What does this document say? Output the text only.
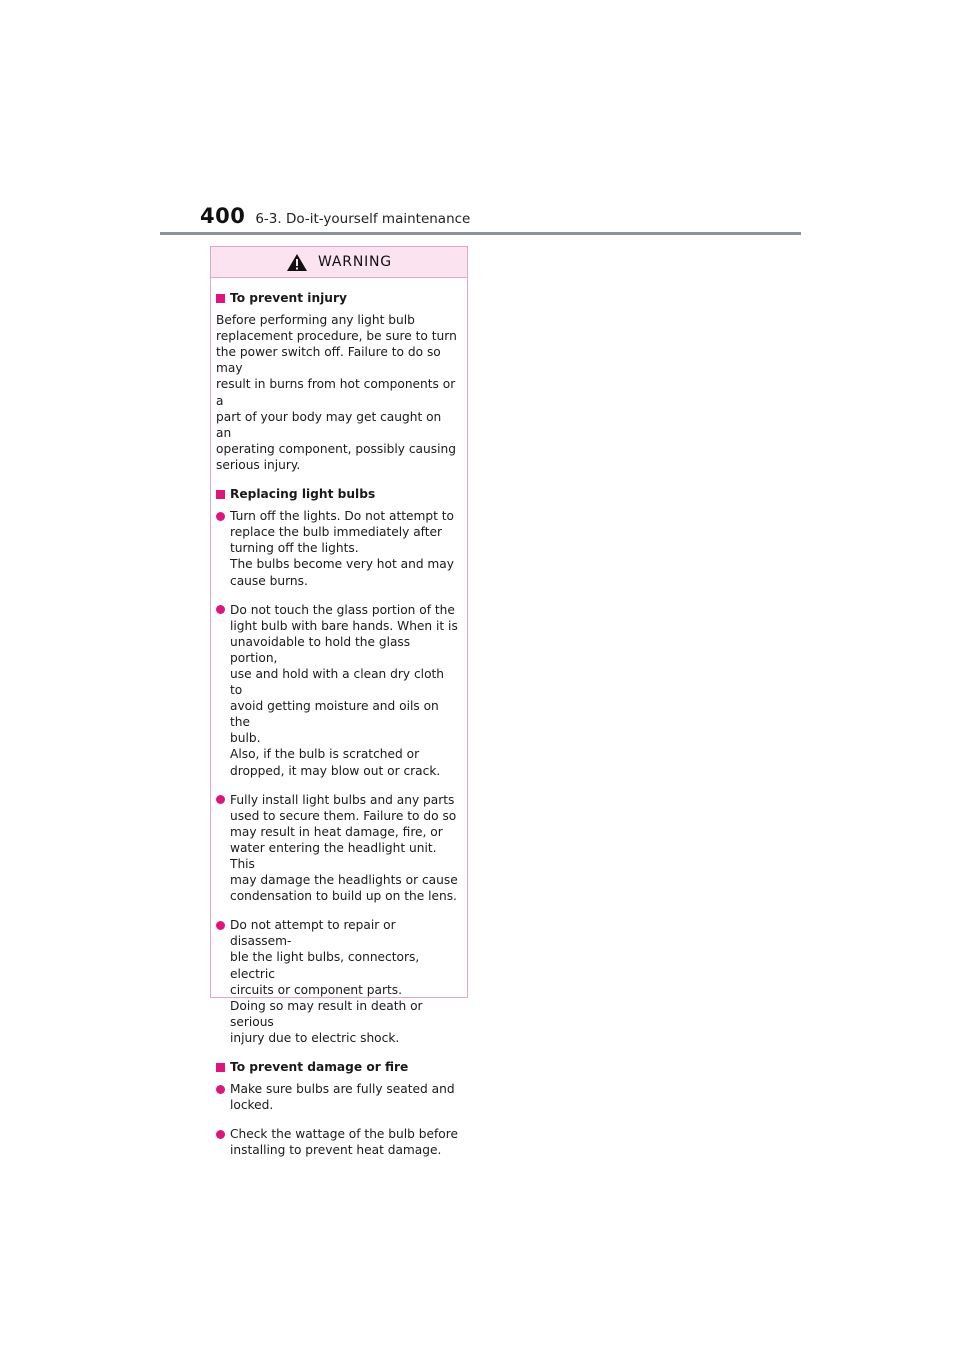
400 6-3. Do-it-yourself maintenance
WARNING
To prevent injury
Before performing any light bulb
replacement procedure, be sure to turn
the power switch off. Failure to do so may
result in burns from hot components or a
part of your body may get caught on an
operating component, possibly causing
serious injury.
Replacing light bulbs
Turn off the lights. Do not attempt to
replace the bulb immediately after
turning off the lights.
The bulbs become very hot and may
cause burns.
Do not touch the glass portion of the
light bulb with bare hands. When it is
unavoidable to hold the glass portion,
use and hold with a clean dry cloth to
avoid getting moisture and oils on the
bulb.
Also, if the bulb is scratched or
dropped, it may blow out or crack.
Fully install light bulbs and any parts
used to secure them. Failure to do so
may result in heat damage, fire, or
water entering the headlight unit. This
may damage the headlights or cause
condensation to build up on the lens.
Do not attempt to repair or disassem-
ble the light bulbs, connectors, electric
circuits or component parts.
Doing so may result in death or serious
injury due to electric shock.
To prevent damage or fire
Make sure bulbs are fully seated and
locked.
Check the wattage of the bulb before
installing to prevent heat damage.
